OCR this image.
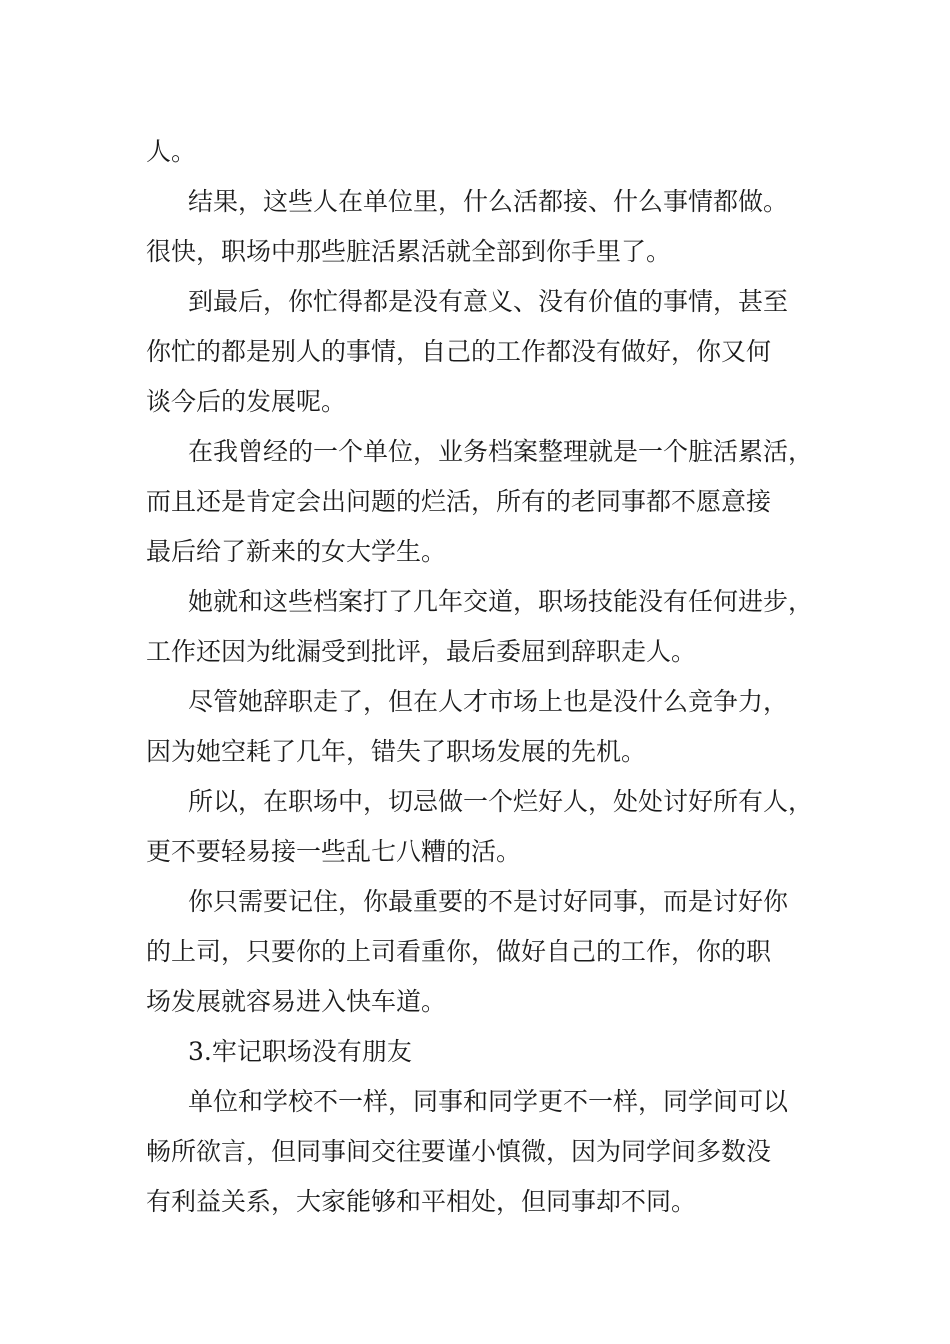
人。

结果，这些人在单位里，什么活都接、什么事情都做。

很快，职场中那些脏活累活就全部到你手里了。

到最后，你忙得都是没有意义、没有价值的事情，甚至

你忙的都是别人的事情，自己的工作都没有做好，你又何

谈今后的发展呢。

在我曾经的一个单位，业务档案整理就是一个脏活累活，

而且还是肯定会出问题的烂活，所有的老同事都不愿意接

最后给了新来的女大学生。

她就和这些档案打了几年交道，职场技能没有任何进步，

工作还因为纰漏受到批评，最后委屈到辞职走人。

尽管她辞职走了，但在人才市场上也是没什么竞争力，

因为她空耗了几年，错失了职场发展的先机。

所以，在职场中，切忌做一个烂好人，处处讨好所有人，

更不要轻易接一些乱七八糟的活。

你只需要记住，你最重要的不是讨好同事，而是讨好你

的上司，只要你的上司看重你，做好自己的工作，你的职

场发展就容易进入快车道。

3.牢记职场没有朋友

单位和学校不一样，同事和同学更不一样，同学间可以

畅所欲言，但同事间交往要谨小慎微，因为同学间多数没

有利益关系，大家能够和平相处，但同事却不同。
